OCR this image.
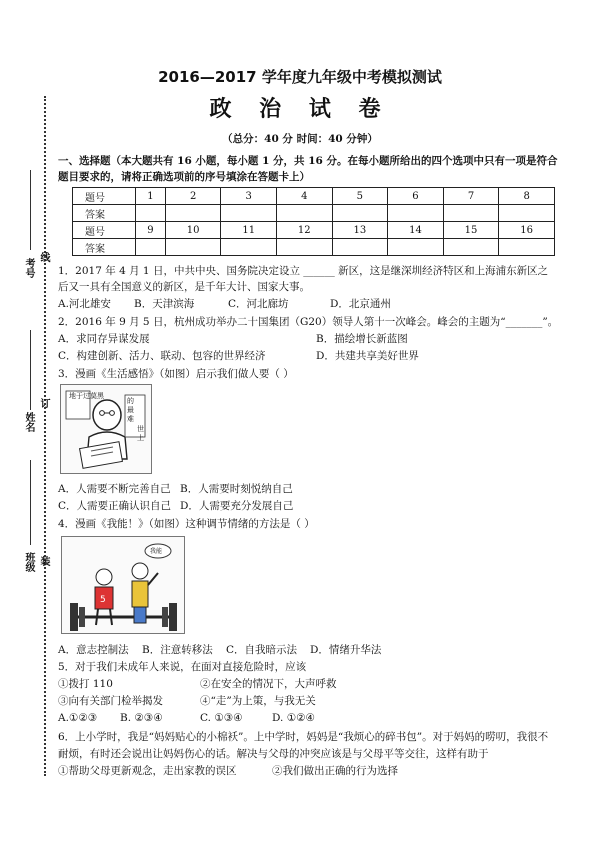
考号
线
姓名
订
班级 装
2016—2017 学年度九年级中考模拟测试
政 治 试 卷
（总分：40 分 时间：40 分钟）
一、选择题（本大题共有 16 小题，每小题 1 分，共 16 分。在每小题所给出的四个选项中只有一项是符合
题目要求的，请将正确选项前的序号填涂在答题卡上）
题号	1	2	3	4	5	6	7	8
答案								
题号	9	10	11	12	13	14	15	16
答案								
1．2017 年 4 月 1 日，中共中央、国务院决定设立 ______ 新区，这是继深圳经济特区和上海浦东新区之
后又一具有全国意义的新区，是千年大计、国家大事。
A.河北雄安 B．天津滨海	C．河北廊坊	D．北京通州
2．2016 年 9 月 5 日，杭州成功举办二十国集团（G20）领导人第十一次峰会。峰会的主题为“_______”。
A．求同存异谋发展	B．描绘增长新蓝图
C．构建创新、活力、联动、包容的世界经济	D．共建共享美好世界
3．漫画《生活感悟》（如图）启示我们做人要（ ）
地于过莫黑
的最难
世上
A．人需要不断完善自己 B．人需要时刻悦纳自己
C．人需要正确认识自己 D．人需要充分发展自己
4．漫画《我能！》（如图）这种调节情绪的方法是（ ）
5
我能
A．意志控制法 B．注意转移法 C．自我暗示法 D．情绪升华法
5．对于我们未成年人来说，在面对直接危险时，应该
①拨打 110	②在安全的情况下，大声呼救
③向有关部门检举揭发	④“走”为上策，与我无关
A.①②③ B. ②③④	C. ①③④	D. ①②④
6．上小学时，我是“妈妈贴心的小棉袄”。上中学时，妈妈是“我烦心的碎书包”。对于妈妈的唠叨，我很不
耐烦，有时还会说出让妈妈伤心的话。解决与父母的冲突应该是与父母平等交往，这样有助于
①帮助父母更新观念，走出家教的误区	②我们做出正确的行为选择
